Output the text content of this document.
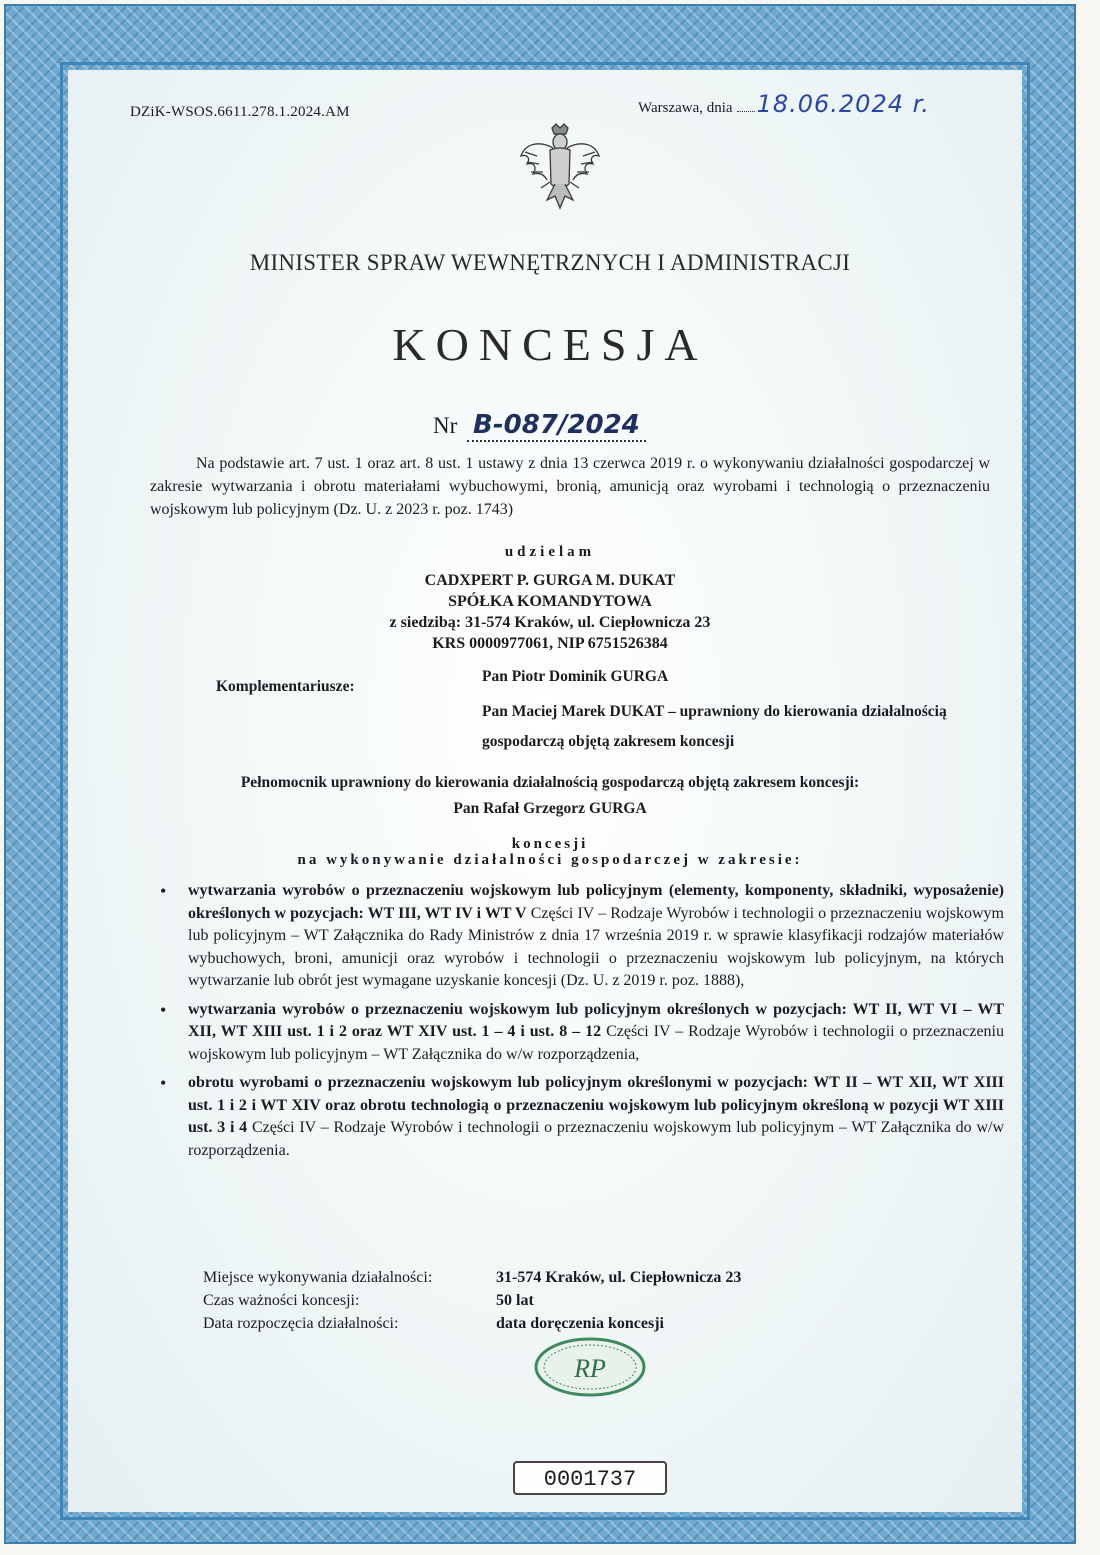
DZiK-WSOS.6611.278.1.2024.AM	Warszawa, dnia 18.06.2024 r.
MINISTER SPRAW WEWNĘTRZNYCH I ADMINISTRACJI
KONCESJA
Nr B-087/2024
Na podstawie art. 7 ust. 1 oraz art. 8 ust. 1 ustawy z dnia 13 czerwca 2019 r. o wykonywaniu działalności gospodarczej w zakresie wytwarzania i obrotu materiałami wybuchowymi, bronią, amunicją oraz wyrobami i technologią o przeznaczeniu wojskowym lub policyjnym (Dz. U. z 2023 r. poz. 1743)
udzielam
CADXPERT P. GURGA M. DUKAT
SPÓŁKA KOMANDYTOWA
z siedzibą: 31-574 Kraków, ul. Ciepłownicza 23
KRS 0000977061, NIP 6751526384
Komplementariusze:
Pan Piotr Dominik GURGA
Pan Maciej Marek DUKAT – uprawniony do kierowania działalnością gospodarczą objętą zakresem koncesji
Pełnomocnik uprawniony do kierowania działalnością gospodarczą objętą zakresem koncesji:
Pan Rafał Grzegorz GURGA
koncesji
na wykonywanie działalności gospodarczej w zakresie:
• wytwarzania wyrobów o przeznaczeniu wojskowym lub policyjnym (elementy, komponenty, składniki, wyposażenie) określonych w pozycjach: WT III, WT IV i WT V Części IV – Rodzaje Wyrobów i technologii o przeznaczeniu wojskowym lub policyjnym – WT Załącznika do Rady Ministrów z dnia 17 września 2019 r. w sprawie klasyfikacji rodzajów materiałów wybuchowych, broni, amunicji oraz wyrobów i technologii o przeznaczeniu wojskowym lub policyjnym, na których wytwarzanie lub obrót jest wymagane uzyskanie koncesji (Dz. U. z 2019 r. poz. 1888),
• wytwarzania wyrobów o przeznaczeniu wojskowym lub policyjnym określonych w pozycjach: WT II, WT VI – WT XII, WT XIII ust. 1 i 2 oraz WT XIV ust. 1 – 4 i ust. 8 – 12 Części IV – Rodzaje Wyrobów i technologii o przeznaczeniu wojskowym lub policyjnym – WT Załącznika do w/w rozporządzenia,
• obrotu wyrobami o przeznaczeniu wojskowym lub policyjnym określonymi w pozycjach: WT II – WT XII, WT XIII ust. 1 i 2 i WT XIV oraz obrotu technologią o przeznaczeniu wojskowym lub policyjnym określoną w pozycji WT XIII ust. 3 i 4 Części IV – Rodzaje Wyrobów i technologii o przeznaczeniu wojskowym lub policyjnym – WT Załącznika do w/w rozporządzenia.
Miejsce wykonywania działalności:	31-574 Kraków, ul. Ciepłownicza 23
Czas ważności koncesji:	50 lat
Data rozpoczęcia działalności:	data doręczenia koncesji
RP
0001737
